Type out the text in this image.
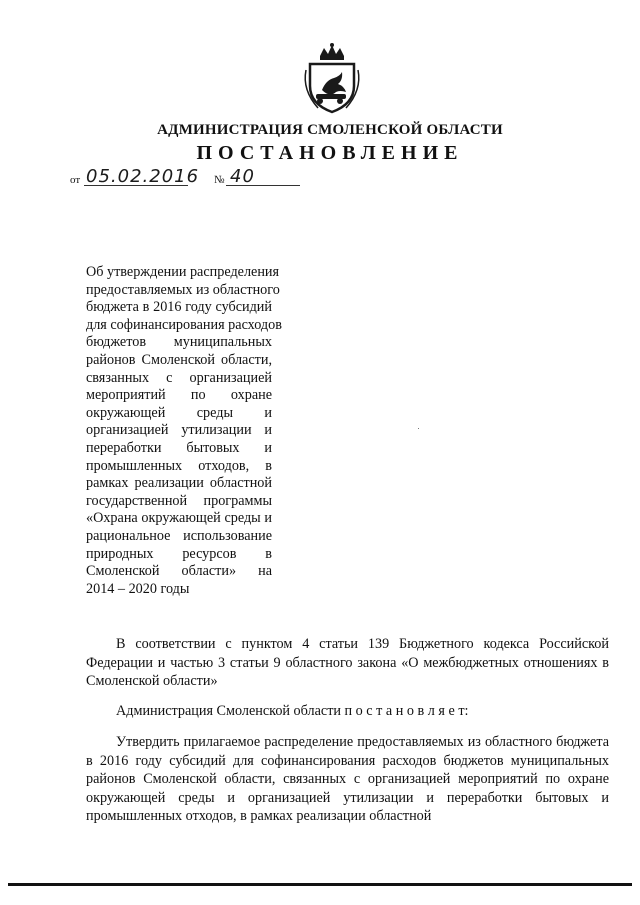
АДМИНИСТРАЦИЯ СМОЛЕНСКОЙ ОБЛАСТИ
ПОСТАНОВЛЕНИЕ
от 05.02.2016 № 40
Об утверждении распределения
предоставляемых из областного
бюджета в 2016 году субсидий
для софинансирования расходов
бюджетов муниципальных
районов Смоленской области,
связанных с организацией
мероприятий по охране
окружающей среды и
организацией утилизации и
переработки бытовых и
промышленных отходов, в
рамках реализации областной
государственной программы
«Охрана окружающей среды и
рациональное использование
природных ресурсов в
Смоленской области» на
2014 – 2020 годы

В соответствии с пунктом 4 статьи 139 Бюджетного кодекса Российской Федерации и частью 3 статьи 9 областного закона «О межбюджетных отношениях в Смоленской области»

Администрация Смоленской области п о с т а н о в л я е т:

Утвердить прилагаемое распределение предоставляемых из областного бюджета в 2016 году субсидий для софинансирования расходов бюджетов муниципальных районов Смоленской области, связанных с организацией мероприятий по охране окружающей среды и организацией утилизации и переработки бытовых и промышленных отходов, в рамках реализации областной
